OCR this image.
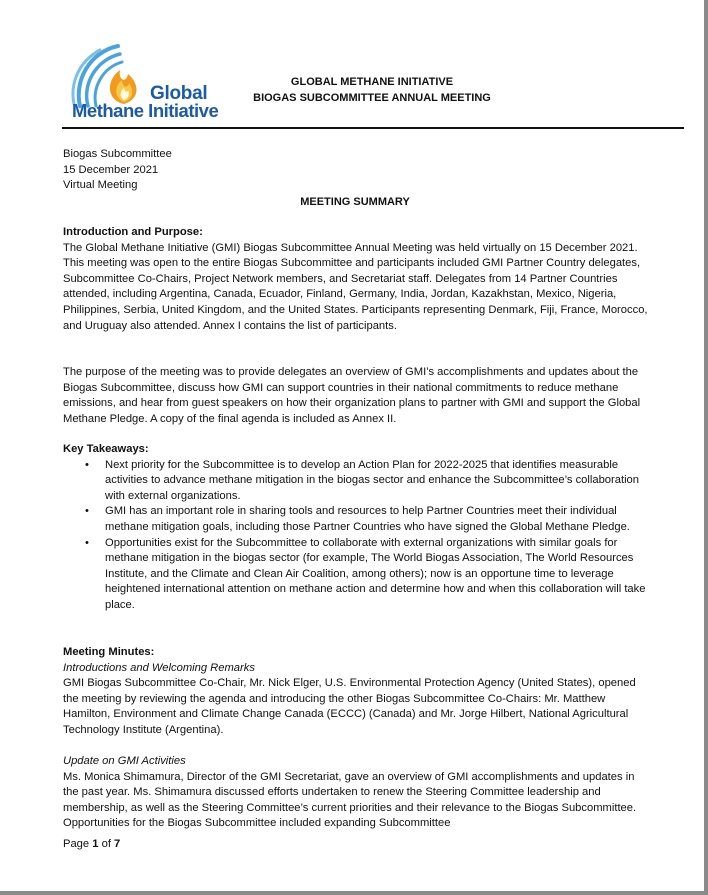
Global
Methane Initiative
GLOBAL METHANE INITIATIVE
BIOGAS SUBCOMMITTEE ANNUAL MEETING
Biogas Subcommittee
15 December 2021
Virtual Meeting
MEETING SUMMARY

Introduction and Purpose:

The Global Methane Initiative (GMI) Biogas Subcommittee Annual Meeting was held virtually on 15 December 2021. This meeting was open to the entire Biogas Subcommittee and participants included GMI Partner Country delegates, Subcommittee Co-Chairs, Project Network members, and Secretariat staff. Delegates from 14 Partner Countries attended, including Argentina, Canada, Ecuador, Finland, Germany, India, Jordan, Kazakhstan, Mexico, Nigeria, Philippines, Serbia, United Kingdom, and the United States. Participants representing Denmark, Fiji, France, Morocco, and Uruguay also attended. Annex I contains the list of participants.

The purpose of the meeting was to provide delegates an overview of GMI’s accomplishments and updates about the Biogas Subcommittee, discuss how GMI can support countries in their national commitments to reduce methane emissions, and hear from guest speakers on how their organization plans to partner with GMI and support the Global Methane Pledge. A copy of the final agenda is included as Annex II.

Key Takeaways:

• Next priority for the Subcommittee is to develop an Action Plan for 2022-2025 that identifies measurable activities to advance methane mitigation in the biogas sector and enhance the Subcommittee’s collaboration with external organizations.
• GMI has an important role in sharing tools and resources to help Partner Countries meet their individual methane mitigation goals, including those Partner Countries who have signed the Global Methane Pledge.
• Opportunities exist for the Subcommittee to collaborate with external organizations with similar goals for methane mitigation in the biogas sector (for example, The World Biogas Association, The World Resources Institute, and the Climate and Clean Air Coalition, among others); now is an opportune time to leverage heightened international attention on methane action and determine how and when this collaboration will take place.

Meeting Minutes:

Introductions and Welcoming Remarks

GMI Biogas Subcommittee Co-Chair, Mr. Nick Elger, U.S. Environmental Protection Agency (United States), opened the meeting by reviewing the agenda and introducing the other Biogas Subcommittee Co-Chairs: Mr. Matthew Hamilton, Environment and Climate Change Canada (ECCC) (Canada) and Mr. Jorge Hilbert, National Agricultural Technology Institute (Argentina).

Update on GMI Activities

Ms. Monica Shimamura, Director of the GMI Secretariat, gave an overview of GMI accomplishments and updates in the past year. Ms. Shimamura discussed efforts undertaken to renew the Steering Committee leadership and membership, as well as the Steering Committee’s current priorities and their relevance to the Biogas Subcommittee. Opportunities for the Biogas Subcommittee included expanding Subcommittee

Page 1 of 7
